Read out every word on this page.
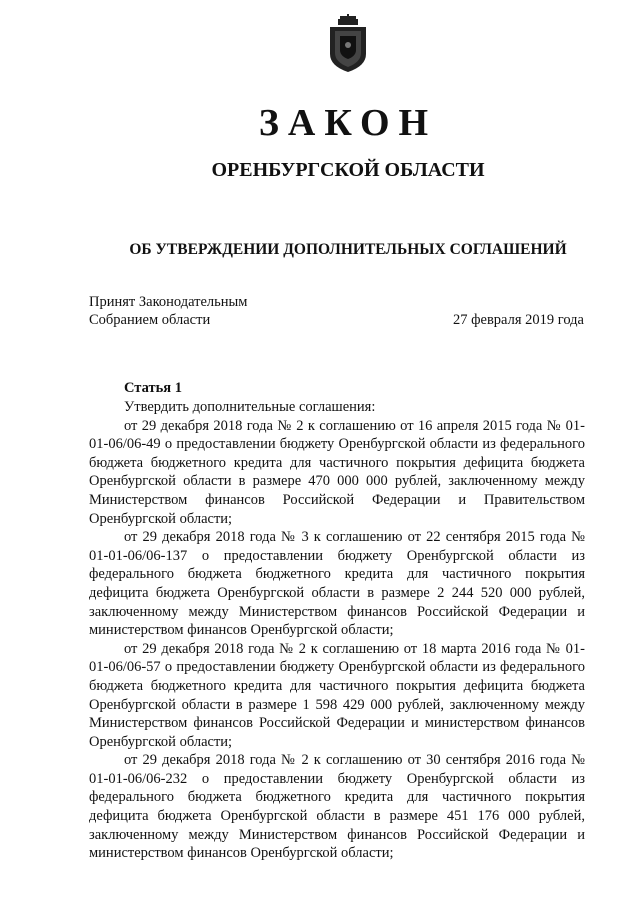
ЗАКОН
ОРЕНБУРГСКОЙ ОБЛАСТИ
ОБ УТВЕРЖДЕНИИ ДОПОЛНИТЕЛЬНЫХ СОГЛАШЕНИЙ
Принят Законодательным
Собранием области	27 февраля 2019 года
Статья 1

Утвердить дополнительные соглашения:

от 29 декабря 2018 года № 2 к соглашению от 16 апреля 2015 года № 01-01-06/06-49 о предоставлении бюджету Оренбургской области из федерального бюджета бюджетного кредита для частичного покрытия дефицита бюджета Оренбургской области в размере 470 000 000 рублей, заключенному между Министерством финансов Российской Федерации и Правительством Оренбургской области;

от 29 декабря 2018 года № 3 к соглашению от 22 сентября 2015 года № 01-01-06/06-137 о предоставлении бюджету Оренбургской области из федерального бюджета бюджетного кредита для частичного покрытия дефицита бюджета Оренбургской области в размере 2 244 520 000 рублей, заключенному между Министерством финансов Российской Федерации и министерством финансов Оренбургской области;

от 29 декабря 2018 года № 2 к соглашению от 18 марта 2016 года № 01-01-06/06-57 о предоставлении бюджету Оренбургской области из федерального бюджета бюджетного кредита для частичного покрытия дефицита бюджета Оренбургской области в размере 1 598 429 000 рублей, заключенному между Министерством финансов Российской Федерации и министерством финансов Оренбургской области;

от 29 декабря 2018 года № 2 к соглашению от 30 сентября 2016 года № 01-01-06/06-232 о предоставлении бюджету Оренбургской области из федерального бюджета бюджетного кредита для частичного покрытия дефицита бюджета Оренбургской области в размере 451 176 000 рублей, заключенному между Министерством финансов Российской Федерации и министерством финансов Оренбургской области;
